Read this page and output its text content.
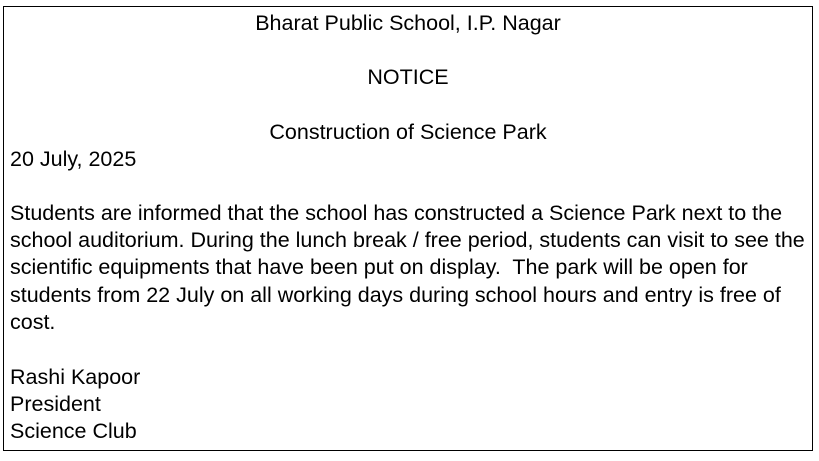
Bharat Public School, I.P. Nagar
NOTICE
Construction of Science Park
20 July, 2025
Students are informed that the school has constructed a Science Park next to the school auditorium. During the lunch break / free period, students can visit to see the scientific equipments that have been put on display.  The park will be open for students from 22 July on all working days during school hours and entry is free of cost.
Rashi Kapoor
President
Science Club
